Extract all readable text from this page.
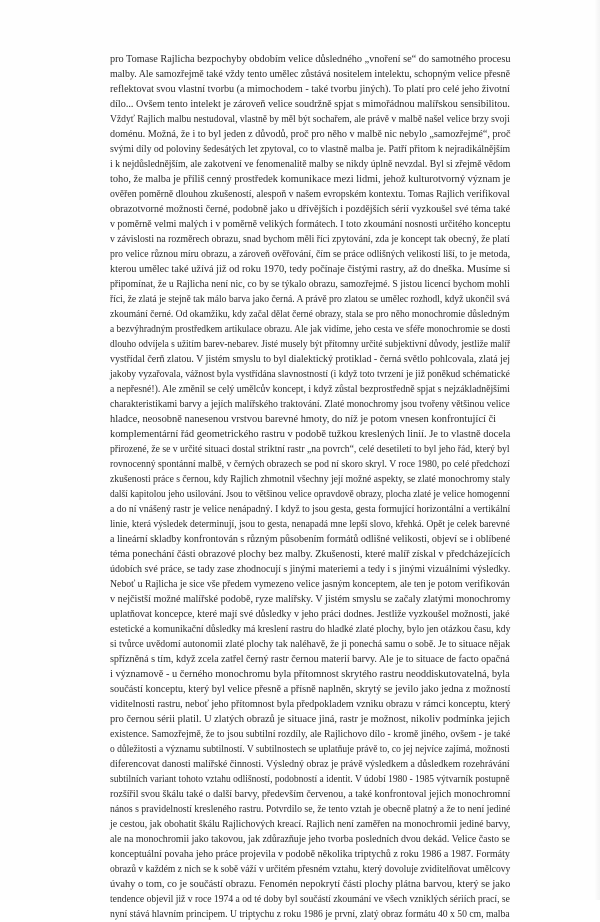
pro Tomase Rajlicha bezpochyby obdobím velice důsledného „vnoření se“ do samotného procesu
malby. Ale samozřejmě také vždy tento umělec zůstává nositelem intelektu, schopným velice přesně
reflektovat svou vlastní tvorbu (a mimochodem - také tvorbu jiných). To platí pro celé jeho životní
dílo... Ovšem tento intelekt je zároveň velice soudržně spjat s mimořádnou malířskou sensibilitou.
Vždyť Rajlich malbu nestudoval, vlastně by měl být sochařem, ale právě v malbě našel velice brzy svoji
doménu. Možná, že i to byl jeden z důvodů, proč pro něho v malbě nic nebylo „samozřejmé“, proč
svými díly od poloviny šedesátých let zpytoval, co to vlastně malba je. Patří přitom k nejradikálnějším
i k nejdůslednějším, ale zakotvení ve fenomenalitě malby se nikdy úplně nevzdal. Byl si zřejmě vědom
toho, že malba je příliš cenný prostředek komunikace mezi lidmi, jehož kulturotvorný význam je
ověřen poměrně dlouhou zkušeností, alespoň v našem evropském kontextu. Tomas Rajlich verifikoval
obrazotvorné možnosti černé, podobně jako u dřívějších i pozdějších sérií vyzkoušel své téma také
v poměrně velmi malých i v poměrně velikých formátech. I toto zkoumání nosnosti určitého konceptu
v závislosti na rozměrech obrazu, snad bychom měli říci zpytování, zda je koncept tak obecný, že platí
pro velice různou míru obrazu, a zároveň ověřování, čím se práce odlišných velikostí liší, to je metoda,
kterou umělec také užívá již od roku 1970, tedy počínaje čistými rastry, až do dneška. Musíme si
připomínat, že u Rajlicha není nic, co by se týkalo obrazu, samozřejmé. S jistou licencí bychom mohli
říci, že zlatá je stejně tak málo barva jako černá. A právě pro zlatou se umělec rozhodl, když ukončil svá
zkoumání černé. Od okamžiku, kdy začal dělat černé obrazy, stala se pro něho monochromie důsledným
a bezvýhradným prostředkem artikulace obrazu. Ale jak vidíme, jeho cesta ve sféře monochromie se dosti
dlouho odvíjela s užitím barev-nebarev. Jisté musely být přítomny určité subjektivní důvody, jestliže malíř
vystřídal čerň zlatou. V jistém smyslu to byl dialektický protiklad - černá světlo pohlcovala, zlatá jej
jakoby vyzařovala, vážnost byla vystřídána slavnostností (i když toto tvrzení je již poněkud schématické
a nepřesné!). Ale změnil se celý umělcův koncept, i když zůstal bezprostředně spjat s nejzákladnějšími
charakteristikami barvy a jejích malířského traktování. Zlaté monochromy jsou tvořeny většinou velice
hladce, neosobně nanesenou vrstvou barevné hmoty, do níž je potom vnesen konfrontující či
komplementární řád geometrického rastru v podobě tužkou kreslených linií. Je to vlastně docela
přirozené, že se v určité situaci dostal striktní rastr „na povrch“, celé desetiletí to byl jeho řád, který byl
rovnocenný spontánní malbě, v černých obrazech se pod ní skoro skryl. V roce 1980, po celé předchozí
zkušenosti práce s černou, kdy Rajlich zhmotnil všechny její možné aspekty, se zlaté monochromy staly
další kapitolou jeho usilování. Jsou to většinou velice opravdově obrazy, plocha zlaté je velice homogenní
a do ní vnášený rastr je velice nenápadný. I když to jsou gesta, gesta formující horizontální a vertikální
linie, která výsledek determinují, jsou to gesta, nenapadá mne lepší slovo, křehká. Opět je celek barevné
a lineární skladby konfrontován s různým působením formátů odlišné velikosti, objeví se i oblíbené
téma ponechání části obrazové plochy bez malby. Zkušenosti, které malíř získal v předcházejících
údobích své práce, se tady zase zhodnocují s jinými materiemi a tedy i s jinými vizuálními výsledky.
Neboť u Rajlicha je sice vše předem vymezeno velice jasným konceptem, ale ten je potom verifikován
v nejčistší možné malířské podobě, ryze malířsky. V jistém smyslu se začaly zlatými monochromy
uplatňovat koncepce, které mají své důsledky v jeho práci dodnes. Jestliže vyzkoušel možnosti, jaké
estetické a komunikační důsledky má kreslení rastru do hladké zlaté plochy, bylo jen otázkou času, kdy
si tvůrce uvědomí autonomii zlaté plochy tak naléhavě, že ji ponechá samu o sobě. Je to situace nějak
spřízněná s tím, když zcela zatřel černý rastr černou materií barvy. Ale je to situace de facto opačná
i významově - u černého monochromu byla přítomnost skrytého rastru neoddiskutovatelná, byla
součástí konceptu, který byl velice přesně a přísně naplněn, skrytý se jevilo jako jedna z možností
viditelnosti rastru, neboť jeho přítomnost byla předpokladem vzniku obrazu v rámci konceptu, který
pro černou sérii platil. U zlatých obrazů je situace jiná, rastr je možnost, nikoliv podmínka jejich
existence. Samozřejmě, že to jsou subtilní rozdíly, ale Rajlichovo dílo - kromě jiného, ovšem - je také
o důležitosti a významu subtilností. V subtilnostech se uplatňuje právě to, co jej nejvíce zajímá, možnosti
diferencovat danosti malířské činnosti. Výsledný obraz je právě výsledkem a důsledkem rozehrávání
subtilních variant tohoto vztahu odlišností, podobností a identit. V údobí 1980 - 1985 výtvarník postupně
rozšířil svou škálu také o další barvy, především červenou, a také konfrontoval jejich monochromní
nános s pravidelností kresleného rastru. Potvrdilo se, že tento vztah je obecně platný a že to není jediné
je cestou, jak obohatit škálu Rajlichových kreací. Rajlich není zaměřen na monochromii jediné barvy,
ale na monochromii jako takovou, jak zdůrazňuje jeho tvorba posledních dvou dekád. Velice často se
konceptuální povaha jeho práce projevila v podobě několika triptychů z roku 1986 a 1987. Formáty
obrazů v každém z nich se k sobě váží v určitém přesném vztahu, který dovoluje zviditelňovat umělcovy
úvahy o tom, co je součástí obrazu. Fenomén nepokrytí části plochy plátna barvou, který se jako
tendence objevil již v roce 1974 a od té doby byl součástí zkoumání ve všech vzniklých sériích prací, se
nyní stává hlavním principem. U triptychu z roku 1986 je první, zlatý obraz formátu 40 x 50 cm, malba
